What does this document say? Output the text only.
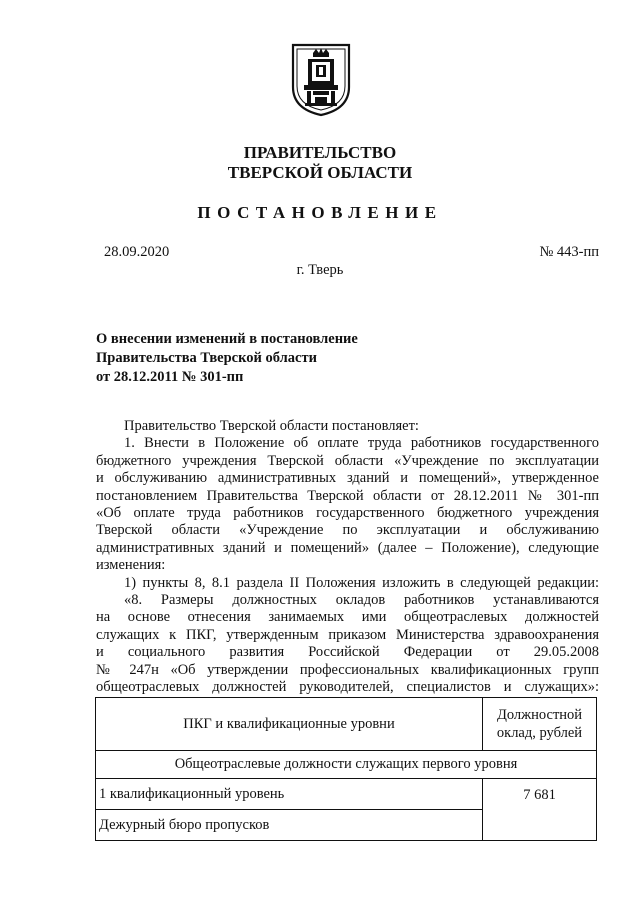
ПРАВИТЕЛЬСТВО
ТВЕРСКОЙ ОБЛАСТИ
ПОСТАНОВЛЕНИЕ
28.09.2020	№ 443-пп
г. Тверь
О внесении изменений в постановление
Правительства Тверской области
от 28.12.2011 № 301-пп
Правительство Тверской области постановляет:
1. Внести в Положение об оплате труда работников государственного
бюджетного учреждения Тверской области «Учреждение по эксплуатации
и обслуживанию административных зданий и помещений», утвержденное
постановлением Правительства Тверской области от 28.12.2011 № 301-пп
«Об оплате труда работников государственного бюджетного учреждения
Тверской области «Учреждение по эксплуатации и обслуживанию
административных зданий и помещений» (далее – Положение), следующие
изменения:
1) пункты 8, 8.1 раздела II Положения изложить в следующей редакции:
«8. Размеры должностных окладов работников устанавливаются
на основе отнесения занимаемых ими общеотраслевых должностей
служащих к ПКГ, утвержденным приказом Министерства здравоохранения
и социального развития Российской Федерации от 29.05.2008
№ 247н «Об утверждении профессиональных квалификационных групп
общеотраслевых должностей руководителей, специалистов и служащих»:
ПКГ и квалификационные уровни	Должностной
оклад, рублей

Общеотраслевые должности служащих первого уровня	
1 квалификационный уровень	7 681
Дежурный бюро пропусков	
